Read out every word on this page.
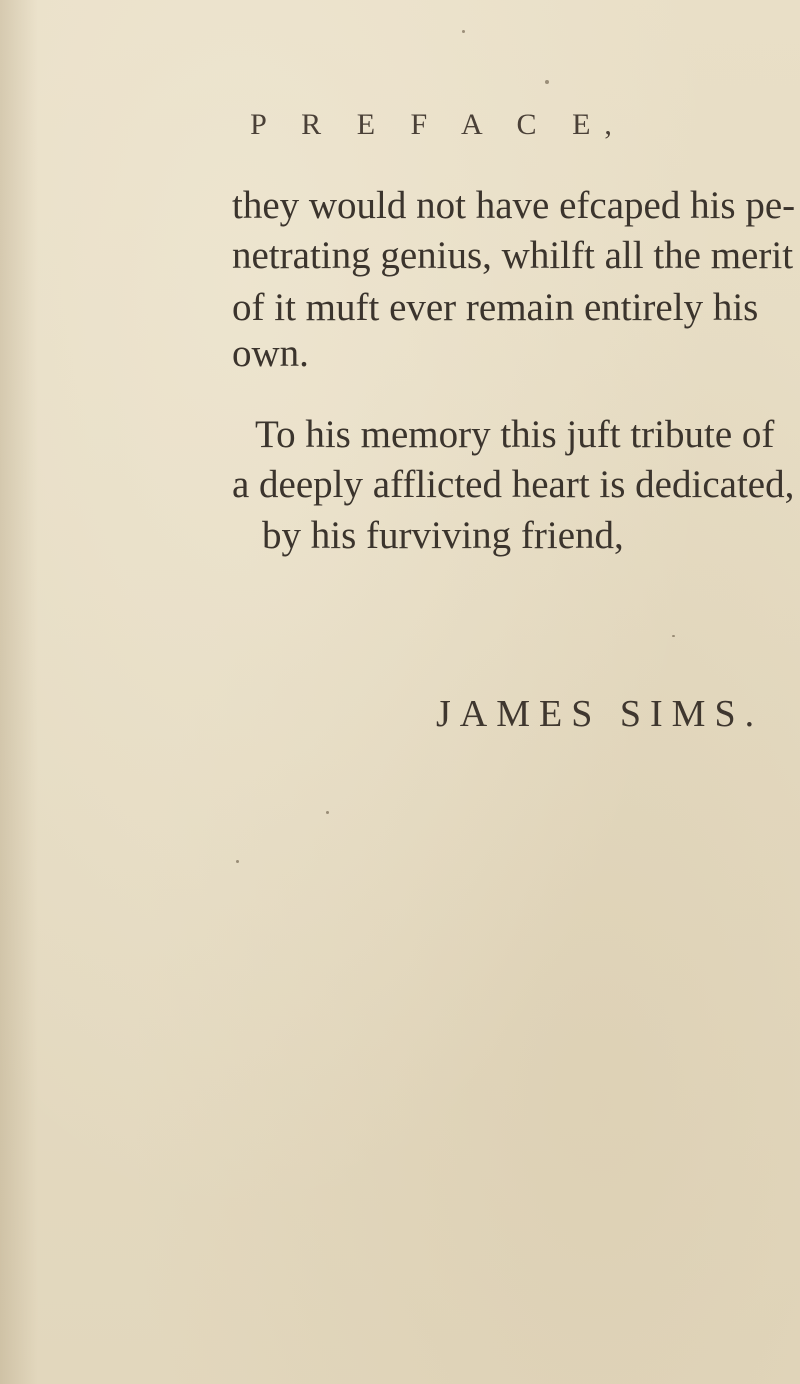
P R E F A C E,
they would not have efcaped his pe-
netrating genius, whilft all the merit
of it muft ever remain entirely his
own.
To his memory this juft tribute of
a deeply afflicted heart is dedicated,
by his furviving friend,
JAMES SIMS.
